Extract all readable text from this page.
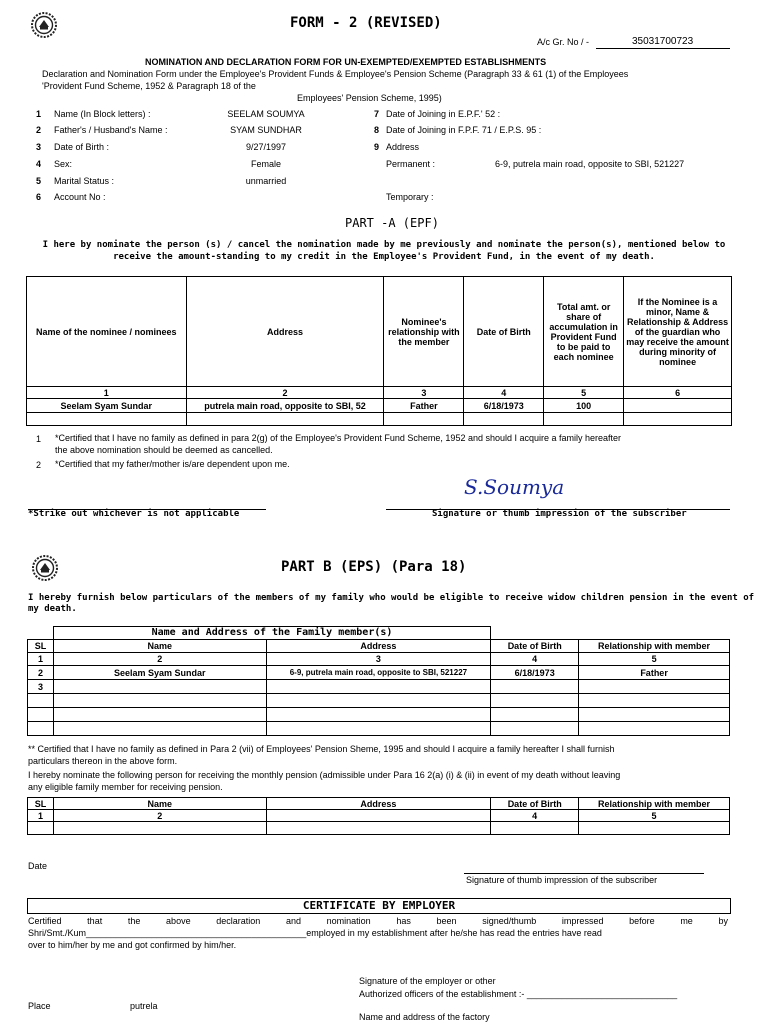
FORM - 2 (REVISED)
A/c Gr. No / -	35031700723
NOMINATION AND DECLARATION FORM FOR UN-EXEMPTED/EXEMPTED ESTABLISHMENTS
Declaration and Nomination Form under the Employee's Provident Funds & Employee's Pension Scheme (Paragraph 33 & 61 (1) of the Employees
'Provident Fund Scheme, 1952 & Paragraph 18 of the
Employees' Pension Scheme, 1995)
1 Name (In Block letters) :	SEELAM SOUMYA
2 Father's / Husband's Name :	SYAM SUNDHAR
3 Date of Birth :	9/27/1997
4 Sex:	Female
5 Marital Status :	unmarried
6 Account No :
7 Date of Joining in E.P.F.' 52 :
8 Date of Joining in F.P.F. 71 / E.P.S. 95 :
9 Address
Permanent :	6-9, putrela main road, opposite to SBI, 521227
Temporary :
PART -A (EPF)
I here by nominate the person (s) / cancel the nomination made by me previously and nominate the person(s), mentioned below to
receive the amount-standing to my credit in the Employee's Provident Fund, in the event of my death.
Name of the nominee / nominees	Address	Nominee's relationship with the member	Date of Birth	Total amt. or share of accumulation in Provident Fund to be paid to each nominee	If the Nominee is a minor, Name & Relationship & Address of the guardian who may receive the amount during minority of nominee
1	2	3	4	5	6
Seelam Syam Sundar	putrela main road, opposite to SBI, 52	Father	6/18/1973	100	

1 *Certified that I have no family as defined in para 2(g) of the Employee's Provident Fund Scheme, 1952 and should I acquire a family hereafter
the above nomination should be deemed as cancelled.
2 *Certified that my father/mother is/are dependent upon me.
S.Soumya
*Strike out whichever is not applicable	Signature or thumb impression of the subscriber
PART B (EPS) (Para 18)
I hereby furnish below particulars of the members of my family who would be eligible to receive widow children pension in the event of
my death.
Name and Address of the Family member(s)
SL	Name	Address	Date of Birth	Relationship with member
1	2	3	4	5
2	Seelam Syam Sundar	6-9, putrela main road, opposite to SBI, 521227	6/18/1973	Father
3				

** Certified that I have no family as defined in Para 2 (vii) of Employees' Pension Sheme, 1995 and should I acquire a family hereafter I shall furnish
particulars thereon in the above form.
I hereby nominate the following person for receiving the monthly pension (admissible under Para 16 2(a) (i) & (ii) in event of my death without leaving
any eligible family member for receiving pension.
SL	Name	Address	Date of Birth	Relationship with member
1	2		4	5

Date
Signature of thumb impression of the subscriber
CERTIFICATE BY EMPLOYER
Certified that the above declaration and nomination has been signed/thumb impressed before me by
Shri/Smt./Kum____________________________________________employed in my establishment after he/she has read the entries have read
over to him/her by me and got confirmed by him/her.
Signature of the employer or other
Authorized officers of the establishment :- ______________________________
Place	putrela
Name and address of the factory
